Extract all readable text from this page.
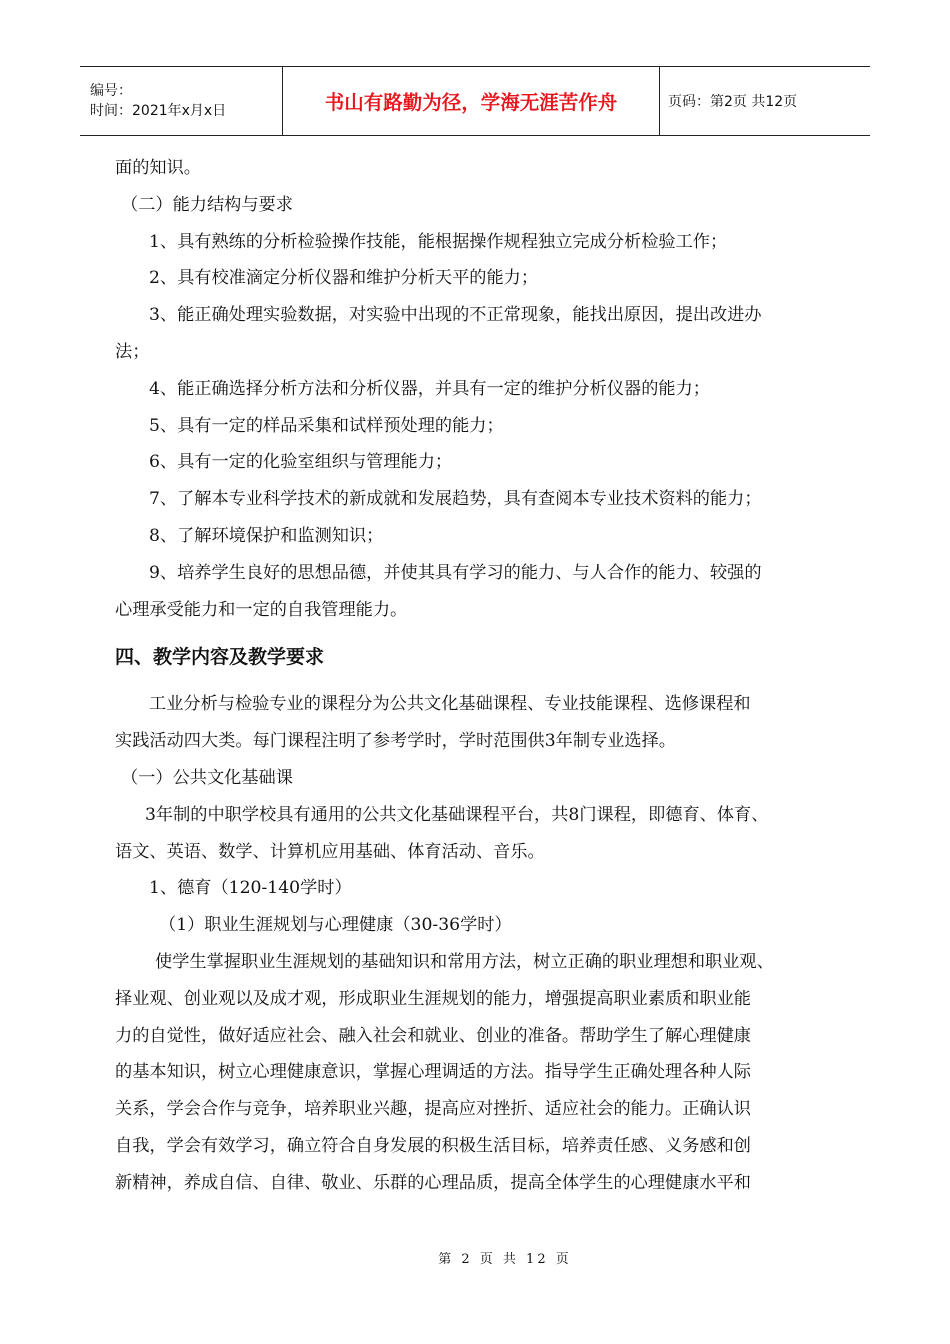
编号：
时间：2021年x月x日	书山有路勤为径，学海无涯苦作舟	页码：第2页 共12页

面的知识。

（二）能力结构与要求

1、具有熟练的分析检验操作技能，能根据操作规程独立完成分析检验工作；

2、具有校准滴定分析仪器和维护分析天平的能力；

3、能正确处理实验数据，对实验中出现的不正常现象，能找出原因，提出改进办

法；

4、能正确选择分析方法和分析仪器，并具有一定的维护分析仪器的能力；

5、具有一定的样品采集和试样预处理的能力；

6、具有一定的化验室组织与管理能力；

7、了解本专业科学技术的新成就和发展趋势，具有查阅本专业技术资料的能力；

8、了解环境保护和监测知识；

9、培养学生良好的思想品德，并使其具有学习的能力、与人合作的能力、较强的

心理承受能力和一定的自我管理能力。

四、教学内容及教学要求

工业分析与检验专业的课程分为公共文化基础课程、专业技能课程、选修课程和

实践活动四大类。每门课程注明了参考学时，学时范围供3年制专业选择。

（一）公共文化基础课

3年制的中职学校具有通用的公共文化基础课程平台，共8门课程，即德育、体育、

语文、英语、数学、计算机应用基础、体育活动、音乐。

1、德育（120-140学时）

（1）职业生涯规划与心理健康（30-36学时）

使学生掌握职业生涯规划的基础知识和常用方法，树立正确的职业理想和职业观、

择业观、创业观以及成才观，形成职业生涯规划的能力，增强提高职业素质和职业能

力的自觉性，做好适应社会、融入社会和就业、创业的准备。帮助学生了解心理健康

的基本知识，树立心理健康意识，掌握心理调适的方法。指导学生正确处理各种人际

关系，学会合作与竞争，培养职业兴趣，提高应对挫折、适应社会的能力。正确认识

自我，学会有效学习，确立符合自身发展的积极生活目标，培养责任感、义务感和创

新精神，养成自信、自律、敬业、乐群的心理品质，提高全体学生的心理健康水平和

第 2 页 共 12 页
